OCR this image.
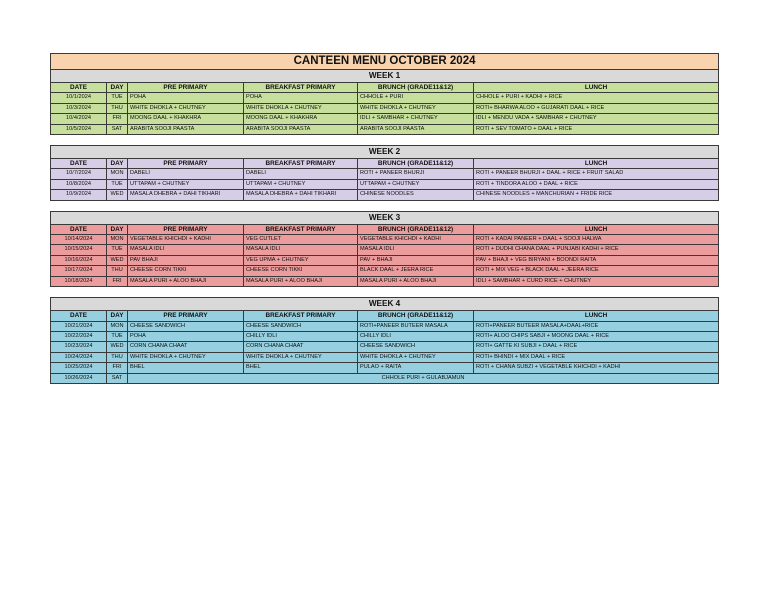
CANTEEN MENU OCTOBER 2024					
WEEK 1					
DATE	DAY	PRE PRIMARY	BREAKFAST PRIMARY	BRUNCH (GRADE11&12)	LUNCH
10/1/2024	TUE	POHA	POHA	CHHOLE + PURI	CHHOLE + PURI + KADHI + RICE
10/3/2024	THU	WHITE DHOKLA + CHUTNEY	WHITE DHOKLA + CHUTNEY	WHITE DHOKLA + CHUTNEY	ROTI+ BHARWA ALOO + GUJARATI DAAL + RICE
10/4/2024	FRI	MOONG DAAL + KHAKHRA	MOONG DAAL + KHAKHRA	IDLI + SAMBHAR + CHUTNEY	IDLI + MENDU VADA + SAMBHAR + CHUTNEY
10/5/2024	SAT	ARABITA SOOJI PAASTA	ARABITA SOOJI PAASTA	ARABITA SOOJI PAASTA	ROTI + SEV TOMATO + DAAL + RICE

WEEK 2					
DATE	DAY	PRE PRIMARY	BREAKFAST PRIMARY	BRUNCH (GRADE11&12)	LUNCH
10/7/2024	MON	DABELI	DABELI	ROTI + PANEER BHURJI	ROTI + PANEER BHURJI + DAAL + RICE + FRUIT SALAD
10/8/2024	TUE	UTTAPAM + CHUTNEY	UTTAPAM + CHUTNEY	UTTAPAM + CHUTNEY	ROTI + TINDORA ALOO + DAAL + RICE
10/9/2024	WED	MASALA DHEBRA + DAHI TIKHARI	MASALA DHEBRA + DAHI TIKHARI	CHINESE NOODLES	CHINESE NOODLES + MANCHURIAN + FRIDE RICE

WEEK 3					
DATE	DAY	PRE PRIMARY	BREAKFAST PRIMARY	BRUNCH (GRADE11&12)	LUNCH
10/14/2024	MON	VEGETABLE KHICHDI + KADHI	VEG CUTLET	VEGETABLE KHICHDI + KADHI	ROTI + KADAI PANEER + DAAL + SOOJI HALWA
10/15/2024	TUE	MASALA IDLI	MASALA IDLI	MASALA IDLI	ROTI + DUDHI CHANA DAAL + PUNJABI KADHI + RICE
10/16/2024	WED	PAV BHAJI	VEG UPMA + CHUTNEY	PAV + BHAJI	PAV + BHAJI + VEG BIRYANI + BOONDI RAITA
10/17/2024	THU	CHEESE CORN TIKKI	CHEESE CORN TIKKI	BLACK DAAL + JEERA RICE	ROTI + MIX VEG + BLACK DAAL + JEERA RICE
10/18/2024	FRI	MASALA PURI + ALOO BHAJI	MASALA PURI + ALOO BHAJI	MASALA PURI + ALOO BHAJI	IDLI + SAMBHAR + CURD RICE + CHUTNEY

WEEK 4					
DATE	DAY	PRE PRIMARY	BREAKFAST PRIMARY	BRUNCH (GRADE11&12)	LUNCH
10/21/2024	MON	CHEESE SANDWICH	CHEESE SANDWICH	ROTI+PANEER BUTEER MASALA	ROTI+PANEER BUTEER MASALA+DAAL+RICE
10/22/2024	TUE	POHA	CHILLY IDLI	CHILLY IDLI	ROTI+ ALOO CHIPS SABJI + MOONG DAAL + RICE
10/23/2024	WED	CORN CHANA CHAAT	CORN CHANA CHAAT	CHEESE SANDWICH	ROTI+ GATTE KI SUBJI + DAAL + RICE
10/24/2024	THU	WHITE DHOKLA + CHUTNEY	WHITE DHOKLA + CHUTNEY	WHITE DHOKLA + CHUTNEY	ROTI+ BHINDI + MIX DAAL + RICE
10/25/2024	FRI	BHEL	BHEL	PULAO + RAITA	ROTI + CHANA SUBZI + VEGETABLE KHICHDI + KADHI
10/26/2024	SAT	CHHOLE PURI + GULABJAMUN			
